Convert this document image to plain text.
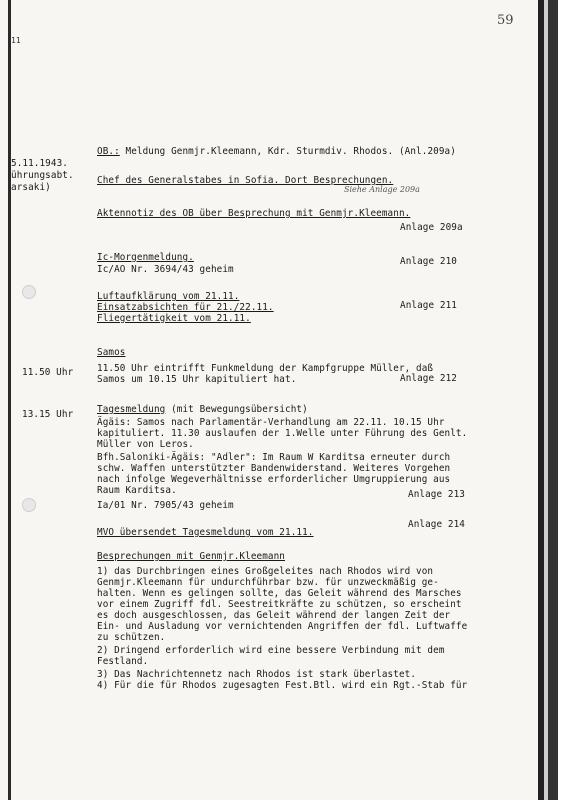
59
11
5.11.1943.
ührungsabt.
arsaki)
11.50 Uhr
13.15 Uhr
OB.: Meldung Genmjr.Kleemann, Kdr. Sturmdiv. Rhodos. (Anl.209a)
Chef des Generalstabes in Sofia. Dort Besprechungen.
Siehe Anlage 209a
Aktennotiz des OB über Besprechung mit Genmjr.Kleemann.
Anlage 209a
Ic-Morgenmeldung.
Ic/AO Nr. 3694/43 geheim
Anlage 210
Luftaufklärung vom 21.11.
Einsatzabsichten für 21./22.11.
Fliegertätigkeit vom 21.11.
Anlage 211
Samos
11.50 Uhr eintrifft Funkmeldung der Kampfgruppe Müller, daß
Samos um 10.15 Uhr kapituliert hat.	Anlage 212
Tagesmeldung (mit Bewegungsübersicht)
Ägäis: Samos nach Parlamentär-Verhandlung am 22.11. 10.15 Uhr
kapituliert. 11.30 auslaufen der 1.Welle unter Führung des Genlt.
Müller von Leros.
Bfh.Saloniki-Ägäis: "Adler": Im Raum W Karditsa erneuter durch
schw. Waffen unterstützter Bandenwiderstand. Weiteres Vorgehen
nach infolge Wegeverhältnisse erforderlicher Umgruppierung aus
Raum Karditsa.	Anlage 213
Ia/01 Nr. 7905/43 geheim
MVO übersendet Tagesmeldung vom 21.11.
Anlage 214
Besprechungen mit Genmjr.Kleemann
1) das Durchbringen eines Großgeleites nach Rhodos wird von
Genmjr.Kleemann für undurchführbar bzw. für unzweckmäßig ge-
halten. Wenn es gelingen sollte, das Geleit während des Marsches
vor einem Zugriff fdl. Seestreitkräfte zu schützen, so erscheint
es doch ausgeschlossen, das Geleit während der langen Zeit der
Ein- und Ausladung vor vernichtenden Angriffen der fdl. Luftwaffe
zu schützen.
2) Dringend erforderlich wird eine bessere Verbindung mit dem
Festland.
3) Das Nachrichtennetz nach Rhodos ist stark überlastet.
4) Für die für Rhodos zugesagten Fest.Btl. wird ein Rgt.-Stab für
